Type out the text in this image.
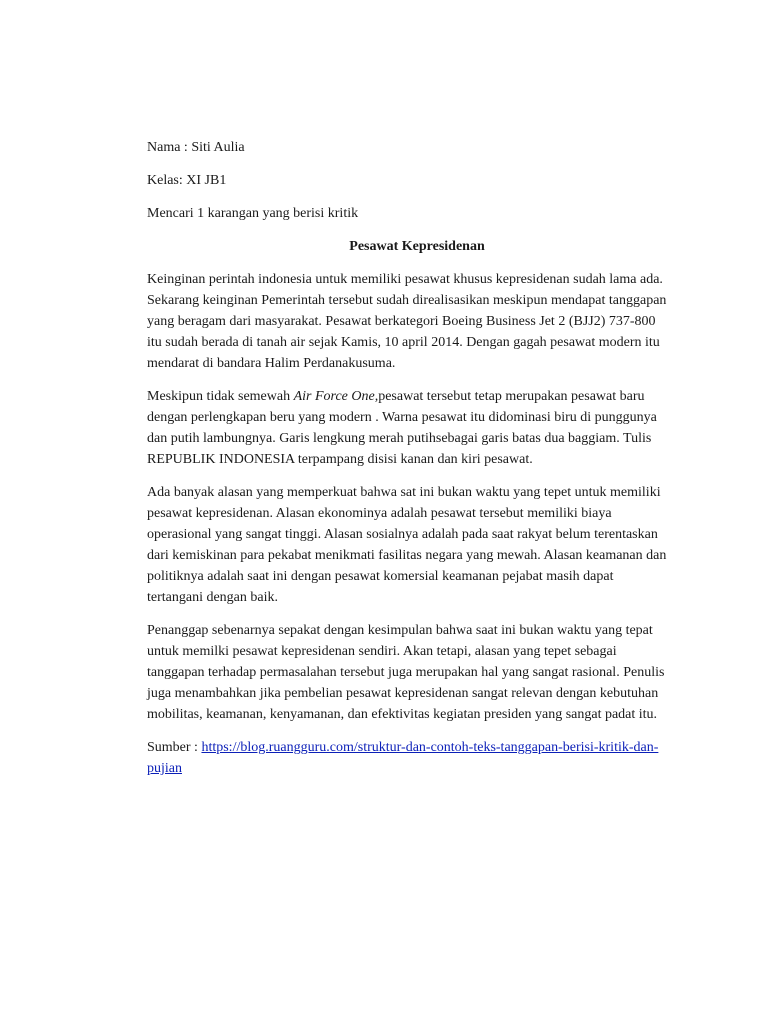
Nama : Siti Aulia

Kelas: XI JB1

Mencari 1 karangan yang berisi kritik

Pesawat Kepresidenan

Keinginan perintah indonesia untuk memiliki pesawat khusus kepresidenan sudah lama ada. Sekarang keinginan Pemerintah tersebut sudah direalisasikan meskipun mendapat tanggapan yang beragam dari masyarakat. Pesawat berkategori Boeing Business Jet 2 (BJJ2) 737-800 itu sudah berada di tanah air sejak Kamis, 10 april 2014. Dengan gagah pesawat modern itu mendarat di bandara Halim Perdanakusuma.

Meskipun tidak semewah Air Force One,pesawat tersebut tetap merupakan pesawat baru dengan perlengkapan beru yang modern . Warna pesawat itu didominasi biru di punggunya dan putih lambungnya. Garis lengkung merah putihsebagai garis batas dua baggiam. Tulis REPUBLIK INDONESIA terpampang disisi kanan dan kiri pesawat.

Ada banyak alasan yang memperkuat bahwa sat ini bukan waktu yang tepet untuk memiliki pesawat kepresidenan. Alasan ekonominya adalah pesawat tersebut memiliki biaya operasional yang sangat tinggi. Alasan sosialnya adalah pada saat rakyat belum terentaskan dari kemiskinan para pekabat menikmati fasilitas negara yang mewah. Alasan keamanan dan politiknya adalah saat ini dengan pesawat komersial keamanan pejabat masih dapat tertangani dengan baik.

Penanggap sebenarnya sepakat dengan kesimpulan bahwa saat ini bukan waktu yang tepat untuk memilki pesawat kepresidenan sendiri. Akan tetapi, alasan yang tepet sebagai tanggapan terhadap permasalahan tersebut juga merupakan hal yang sangat rasional. Penulis juga menambahkan jika pembelian pesawat kepresidenan sangat relevan dengan kebutuhan mobilitas, keamanan, kenyamanan, dan efektivitas kegiatan presiden yang sangat padat itu.

Sumber : https://blog.ruangguru.com/struktur-dan-contoh-teks-tanggapan-berisi-kritik-dan-pujian
